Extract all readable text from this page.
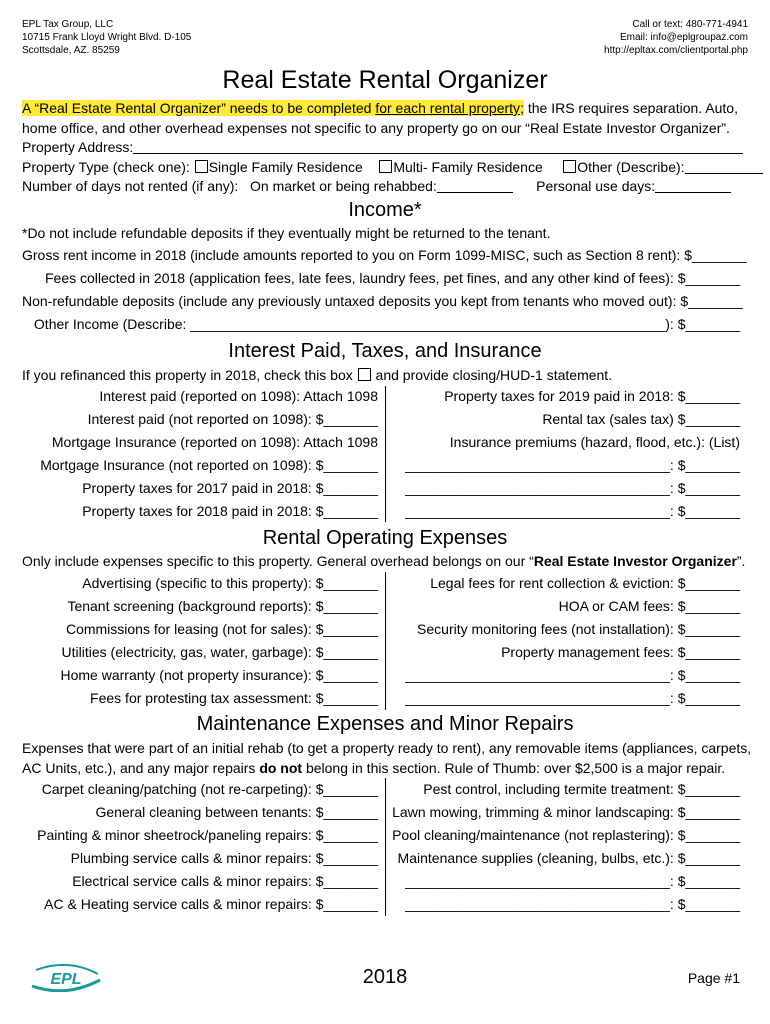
EPL Tax Group, LLC
10715 Frank Lloyd Wright Blvd. D-105
Scottsdale, AZ. 85259
Call or text: 480-771-4941
Email: info@eplgroupaz.com
http://epltax.com/clientportal.php
Real Estate Rental Organizer
A “Real Estate Rental Organizer” needs to be completed for each rental property; the IRS requires separation. Auto,
home office, and other overhead expenses not specific to any property go on our “Real Estate Investor Organizer”.
Property Address:
Property Type (check one): Single Family Residence Multi- Family Residence Other (Describe):
Number of days not rented (if any): On market or being rehabbed:	Personal use days:
Income*
*Do not include refundable deposits if they eventually might be returned to the tenant.
Gross rent income in 2018 (include amounts reported to you on Form 1099-MISC, such as Section 8 rent): $_______
Fees collected in 2018 (application fees, late fees, laundry fees, pet fines, and any other kind of fees): $_______
Non-refundable deposits (include any previously untaxed deposits you kept from tenants who moved out): $_______
Other Income (Describe: _____________________________________________________________): $_______
Interest Paid, Taxes, and Insurance
If you refinanced this property in 2018, check this box  and provide closing/HUD-1 statement.
Interest paid (reported on 1098): Attach 1098
Interest paid (not reported on 1098): $_______
Mortgage Insurance (reported on 1098): Attach 1098
Mortgage Insurance (not reported on 1098): $_______
Property taxes for 2017 paid in 2018: $_______
Property taxes for 2018 paid in 2018: $_______
Property taxes for 2019 paid in 2018: $_______
Rental tax (sales tax) $_______
Insurance premiums (hazard, flood, etc.): (List)
__________________________________: $_______
__________________________________: $_______
__________________________________: $_______
Rental Operating Expenses
Only include expenses specific to this property. General overhead belongs on our “Real Estate Investor Organizer”.
Advertising (specific to this property): $_______
Tenant screening (background reports): $_______
Commissions for leasing (not for sales): $_______
Utilities (electricity, gas, water, garbage): $_______
Home warranty (not property insurance): $_______
Fees for protesting tax assessment: $_______
Legal fees for rent collection & eviction: $_______
HOA or CAM fees: $_______
Security monitoring fees (not installation): $_______
Property management fees: $_______
__________________________________: $_______
__________________________________: $_______
Maintenance Expenses and Minor Repairs
Expenses that were part of an initial rehab (to get a property ready to rent), any removable items (appliances, carpets,
AC Units, etc.), and any major repairs do not belong in this section. Rule of Thumb: over $2,500 is a major repair.
Carpet cleaning/patching (not re-carpeting): $_______
General cleaning between tenants: $_______
Painting & minor sheetrock/paneling repairs: $_______
Plumbing service calls & minor repairs: $_______
Electrical service calls & minor repairs: $_______
AC & Heating service calls & minor repairs: $_______
Pest control, including termite treatment: $_______
Lawn mowing, trimming & minor landscaping: $_______
Pool cleaning/maintenance (not replastering): $_______
Maintenance supplies (cleaning, bulbs, etc.): $_______
__________________________________: $_______
__________________________________: $_______
EPL	2018	Page #1
